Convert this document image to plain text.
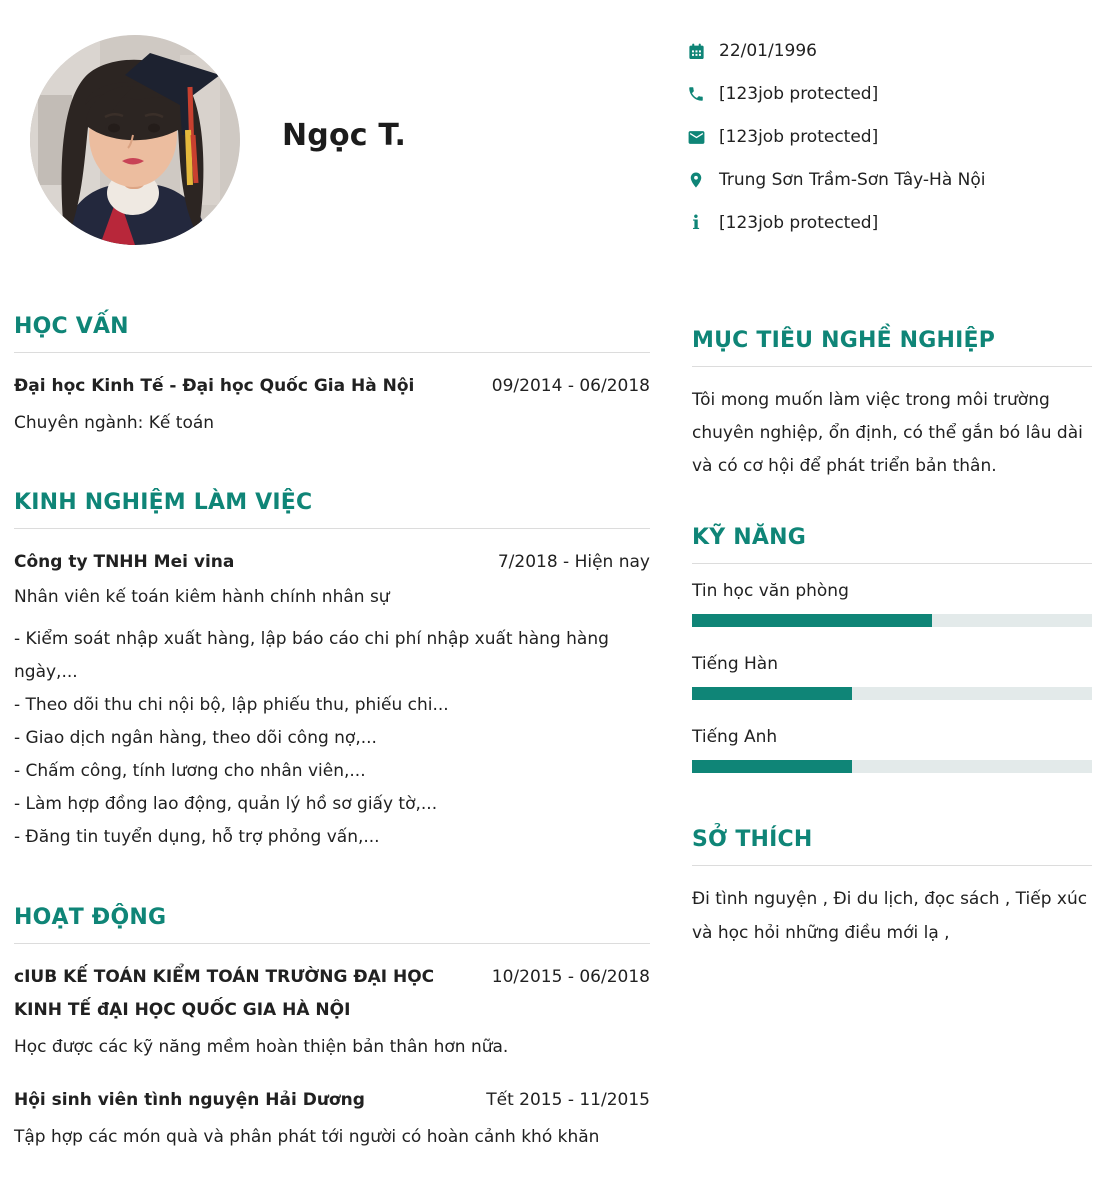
Ngọc T.
22/01/1996
[123job protected]
[123job protected]
Trung Sơn Trầm-Sơn Tây-Hà Nội
i [123job protected]
HỌC VẤN
Đại học Kinh Tế - Đại học Quốc Gia Hà Nội	09/2014 - 06/2018
Chuyên ngành: Kế toán
KINH NGHIỆM LÀM VIỆC
Công ty TNHH Mei vina	7/2018 - Hiện nay
Nhân viên kế toán kiêm hành chính nhân sự

- Kiểm soát nhập xuất hàng, lập báo cáo chi phí nhập xuất hàng hàng ngày,...

- Theo dõi thu chi nội bộ, lập phiếu thu, phiếu chi...

- Giao dịch ngân hàng, theo dõi công nợ,...

- Chấm công, tính lương cho nhân viên,...

- Làm hợp đồng lao động, quản lý hồ sơ giấy tờ,...

- Đăng tin tuyển dụng, hỗ trợ phỏng vấn,...

HOẠT ĐỘNG
cIUB KẾ TOÁN KIỂM TOÁN TRƯỜNG ĐẠI HỌC KINH TẾ đẠI HỌC QUỐC GIA HÀ NỘI
10/2015 - 06/2018
Học được các kỹ năng mềm hoàn thiện bản thân hơn nữa.
Hội sinh viên tình nguyện Hải Dương	Tết 2015 - 11/2015
Tập hợp các món quà và phân phát tới người có hoàn cảnh khó khăn
MỤC TIÊU NGHỀ NGHIỆP

Tôi mong muốn làm việc trong môi trường chuyên nghiệp, ổn định, có thể gắn bó lâu dài và có cơ hội để phát triển bản thân.

KỸ NĂNG
Tin học văn phòng
Tiếng Hàn
Tiếng Anh
SỞ THÍCH

Đi tình nguyện , Đi du lịch, đọc sách , Tiếp xúc và học hỏi những điều mới lạ ,
